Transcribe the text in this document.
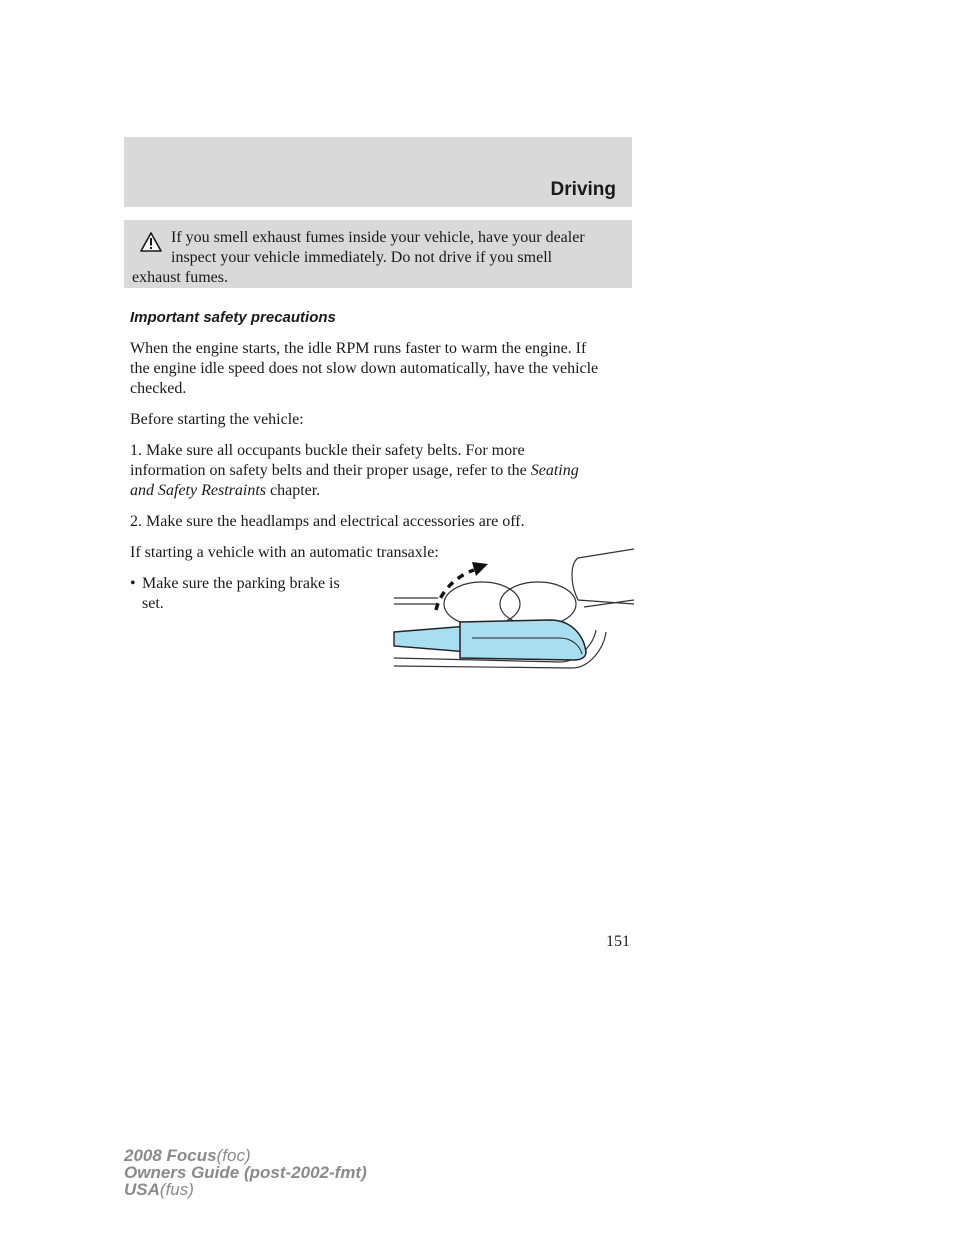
Driving
If you smell exhaust fumes inside your vehicle, have your dealer
inspect your vehicle immediately. Do not drive if you smell
exhaust fumes.

Important safety precautions

When the engine starts, the idle RPM runs faster to warm the engine. If
the engine idle speed does not slow down automatically, have the vehicle
checked.

Before starting the vehicle:

1. Make sure all occupants buckle their safety belts. For more
information on safety belts and their proper usage, refer to the Seating
and Safety Restraints chapter.

2. Make sure the headlamps and electrical accessories are off.

If starting a vehicle with an automatic transaxle:

• Make sure the parking brake is
set.
151
2008 Focus(foc)
Owners Guide (post-2002-fmt)
USA(fus)
